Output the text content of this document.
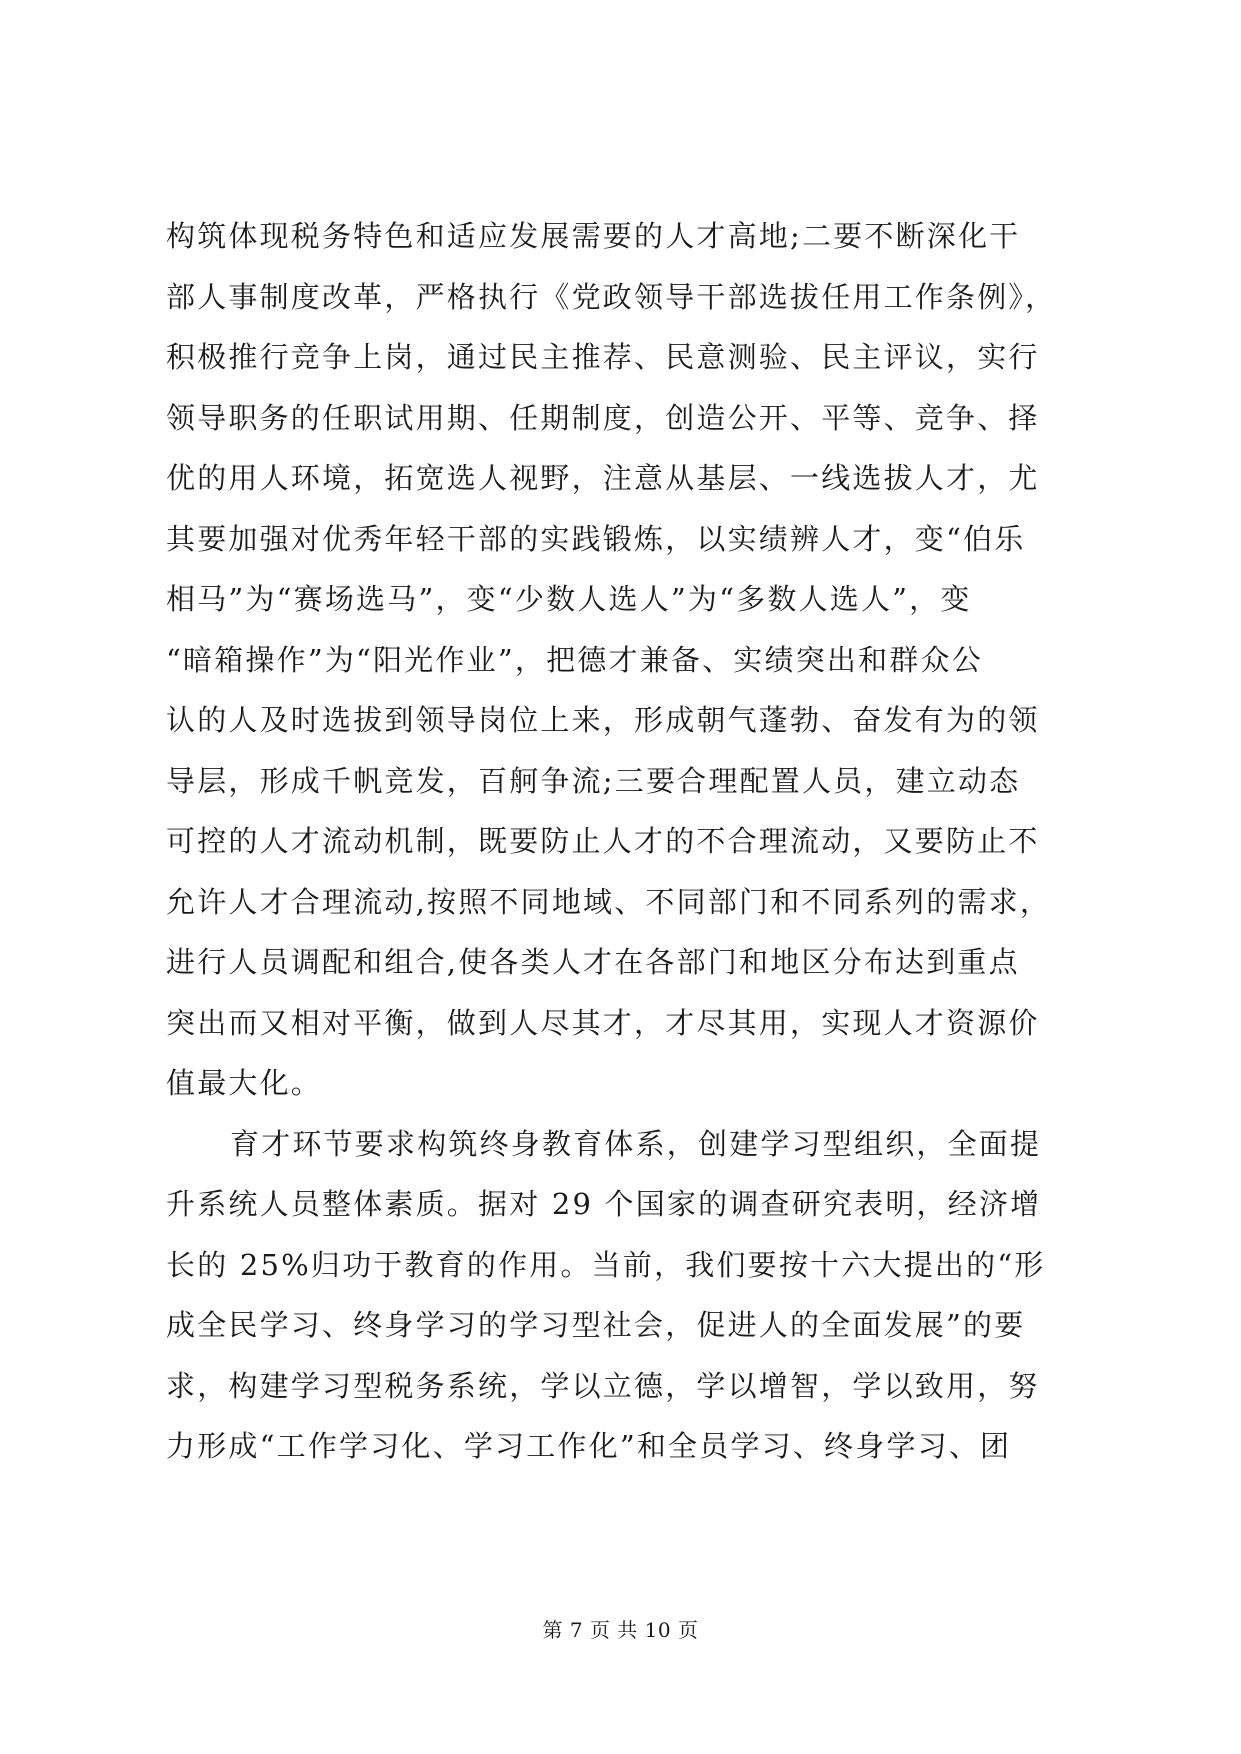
构筑体现税务特色和适应发展需要的人才高地;二要不断深化干
部人事制度改革，严格执行《党政领导干部选拔任用工作条例》，
积极推行竞争上岗，通过民主推荐、民意测验、民主评议，实行
领导职务的任职试用期、任期制度，创造公开、平等、竞争、择
优的用人环境，拓宽选人视野，注意从基层、一线选拔人才，尤
其要加强对优秀年轻干部的实践锻炼，以实绩辨人才，变“伯乐
相马”为“赛场选马”，变“少数人选人”为“多数人选人”，变
“暗箱操作”为“阳光作业”，把德才兼备、实绩突出和群众公
认的人及时选拔到领导岗位上来，形成朝气蓬勃、奋发有为的领
导层，形成千帆竞发，百舸争流;三要合理配置人员，建立动态
可控的人才流动机制，既要防止人才的不合理流动，又要防止不
允许人才合理流动,按照不同地域、不同部门和不同系列的需求，
进行人员调配和组合,使各类人才在各部门和地区分布达到重点
突出而又相对平衡，做到人尽其才，才尽其用，实现人才资源价
值最大化。
育才环节要求构筑终身教育体系，创建学习型组织，全面提
升系统人员整体素质。据对 29 个国家的调查研究表明，经济增
长的 25%归功于教育的作用。当前，我们要按十六大提出的“形
成全民学习、终身学习的学习型社会，促进人的全面发展”的要
求，构建学习型税务系统，学以立德，学以增智，学以致用，努
力形成“工作学习化、学习工作化”和全员学习、终身学习、团
第 7 页 共 10 页
